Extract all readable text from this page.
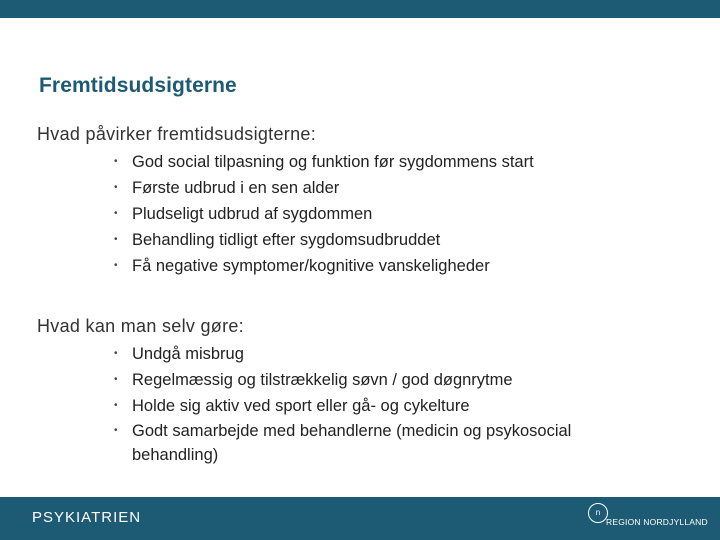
Fremtidsudsigterne
Hvad påvirker fremtidsudsigterne:
• God social tilpasning og funktion før sygdommens start
• Første udbrud i en sen alder
• Pludseligt udbrud af sygdommen
• Behandling tidligt efter sygdomsudbruddet
• Få negative symptomer/kognitive vanskeligheder
Hvad kan man selv gøre:
• Undgå misbrug
• Regelmæssig og tilstrækkelig søvn / god døgnrytme
• Holde sig aktiv ved sport eller gå- og cykelture
• Godt samarbejde med behandlerne (medicin og psykosocial behandling)
PSYKIATRIEN	n
REGION NORDJYLLAND
